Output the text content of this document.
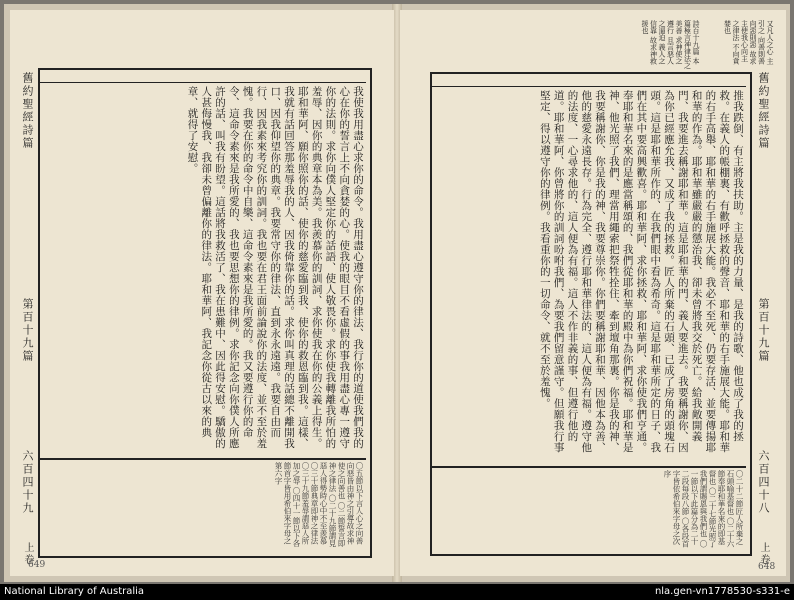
舊約聖經詩篇
第百十九篇
六百四十九
上卷
我使我用盡心求你的命令。我用盡心遵守你的律法、我行你的道使我們我的心在你的誓言上不向貪婪的心。使我的眼目不看虛假的事我用盡心專一遵守你的法則。求你向僕人堅定你的話語、使人敬畏你。求你使我轉離我所怕的羞辱、因你的典章本為美。我羨慕你的訓詞、求你使我在你的公義上得生。耶和華阿、願你照你的話、使你的慈愛臨到我、使你的救恩臨到我。這樣、我就有話回答那羞辱我的人、因我倚靠你的話。求你叫真理的話總不離開我口、因我仰望你的典章。我要常守你的律法、直到永永遠遠。我要自由而行、因我素來考究你的訓詞。我也要在君王面前論說你的法度、並不至於羞愧。我要在你的命令中自樂、這命令素來是我所愛的。我又要遵行你的命令、這命令素來是我所愛的、我也要思想你的律例。求你記念向你僕人所應許的話、叫我有盼望。這話將我救活了、我在患難中、因此得安慰。驕傲的人甚侮慢我、我卻未曾偏離你的律法。耶和華阿、我記念你從古以來的典章、就得了安慰。
〇五節以下言人心之向善向惡皆由神之引導故求神使之向善也 〇二節誓言即神之律法 〇二十九節謂見惡人得勢時心中不至羨慕 〇三十節典章即神之律法 〇三十九節羞辱謂惡人所加之辱 〇四十一節以下各節首字皆用希伯來字母之第六字
詩百十九篇 本篇極言神律法之美善 求神使之遵行 且言惡人之逼迫 義人之信靠 故求神救援也	又凡人之心 主引之 向善則善 向惡則惡 故求主使我心向主 之律法 不向貪婪也
舊約聖經詩篇
第百十九篇
六百四十八
上卷
推我跌倒、有主將我扶助。主是我的力量、是我的詩歌、他也成了我的拯救。在義人的帳棚裏、有歡呼拯救的聲音、耶和華的右手施展大能。耶和華的右手高舉、耶和華的右手施展大能。我必不至死、仍要存活、並要傳揚耶和華的作為。耶和華雖嚴嚴的懲治我、卻未曾將我交於死亡。給我敞開義門、我要進去稱謝耶和華。這是耶和華的門、義人要進去。我要稱謝你、因為你已經應允我、又成了我的拯救。匠人所棄的石頭、已成了房角的頭塊石頭。這是耶和華所作的、在我們眼中看為希奇。這是耶和華所定的日子、我們在其中要高興歡喜。耶和華阿、求你拯救、耶和華阿、求你使我們亨通。奉耶和華名來的是應當稱頌的、我們從耶和華的殿中為你們祝福。耶和華是神、他光照了我們、理當用繩索把祭牲拴住、牽到壇角那裏。你是我的神、我要稱謝你、你是我的神、我要尊崇你。你們要稱謝耶和華、因他本為善、他的慈愛永遠長存。行為完全、遵行耶和華律法的、這人便為有福。遵守他的法度、一心尋求他的、這人便為有福。這人不作非義的事、但遵行他的道。耶和華阿、你曾將你的訓詞吩咐我們、為要我們留意謹守。但願我行事堅定、得以遵守你的律例。我看重你的一切命令、就不至於羞愧。
〇二十二節匠人所棄之石頭喻基督也 〇二十六節奉耶和華名來的即基督也 〇二十七節光照了我們謂賜恩與我們也 〇一節以下此篇分為二十二段每段八節 〇各段首字皆依希伯來字母之次序
648
649
National Library of Australia	nla.gen-vn1778530-s331-e
